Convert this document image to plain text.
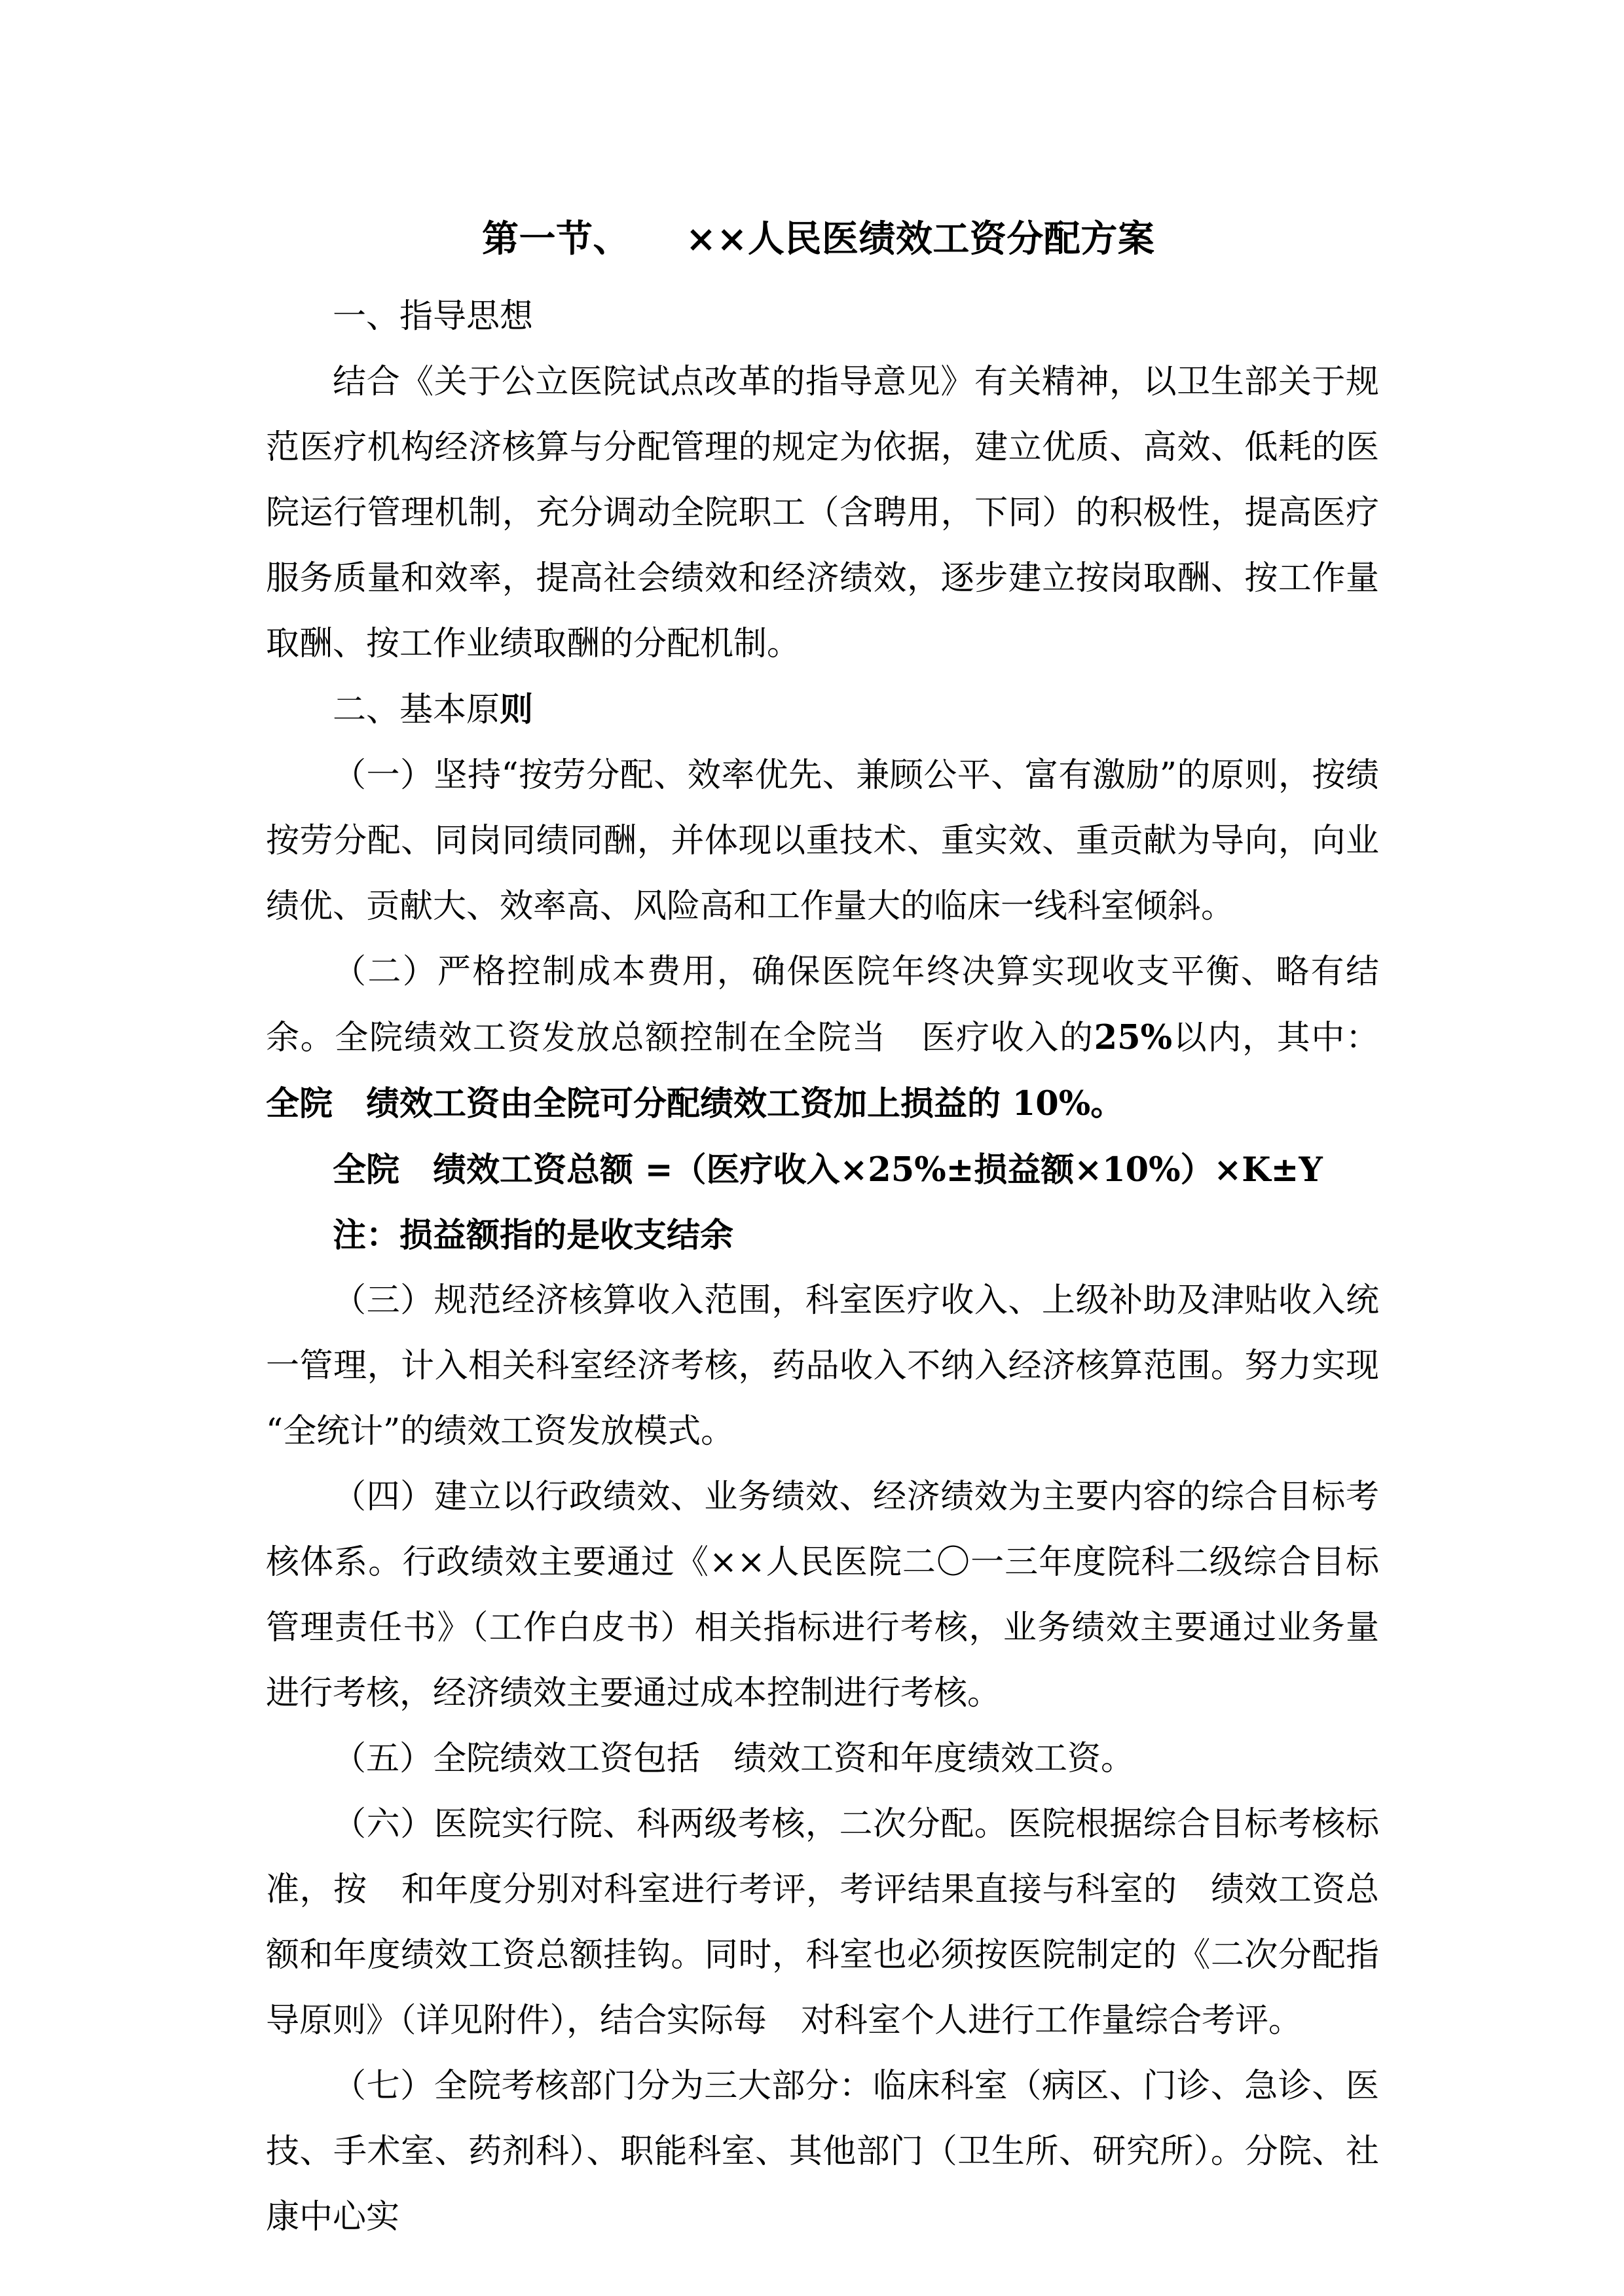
第一节、　　××人民医绩效工资分配方案

一、指导思想

结合《关于公立医院试点改革的指导意见》有关精神，以卫生部关于规范医疗机构经济核算与分配管理的规定为依据，建立优质、高效、低耗的医院运行管理机制，充分调动全院职工（含聘用，下同）的积极性，提高医疗服务质量和效率，提高社会绩效和经济绩效，逐步建立按岗取酬、按工作量取酬、按工作业绩取酬的分配机制。

二、基本原则

（一）坚持“按劳分配、效率优先、兼顾公平、富有激励”的原则，按绩按劳分配、同岗同绩同酬，并体现以重技术、重实效、重贡献为导向，向业绩优、贡献大、效率高、风险高和工作量大的临床一线科室倾斜。

（二）严格控制成本费用，确保医院年终决算实现收支平衡、略有结余。全院绩效工资发放总额控制在全院当 医疗收入的25%以内，其中：全院　绩效工资由全院可分配绩效工资加上损益的 10%。

全院　绩效工资总额 =（医疗收入×25%±损益额×10%）×K±Y

注：损益额指的是收支结余

（三）规范经济核算收入范围，科室医疗收入、上级补助及津贴收入统一管理，计入相关科室经济考核，药品收入不纳入经济核算范围。努力实现“全统计”的绩效工资发放模式。

（四）建立以行政绩效、业务绩效、经济绩效为主要内容的综合目标考核体系。行政绩效主要通过《××人民医院二〇一三年度院科二级综合目标管理责任书》（工作白皮书）相关指标进行考核，业务绩效主要通过业务量进行考核，经济绩效主要通过成本控制进行考核。

（五）全院绩效工资包括　绩效工资和年度绩效工资。

（六）医院实行院、科两级考核，二次分配。医院根据综合目标考核标准，按 和年度分别对科室进行考评，考评结果直接与科室的　绩效工资总额和年度绩效工资总额挂钩。同时，科室也必须按医院制定的《二次分配指导原则》（详见附件），结合实际每 对科室个人进行工作量综合考评。

（七）全院考核部门分为三大部分：临床科室（病区、门诊、急诊、医技、手术室、药剂科）、职能科室、其他部门（卫生所、研究所）。分院、社康中心实
